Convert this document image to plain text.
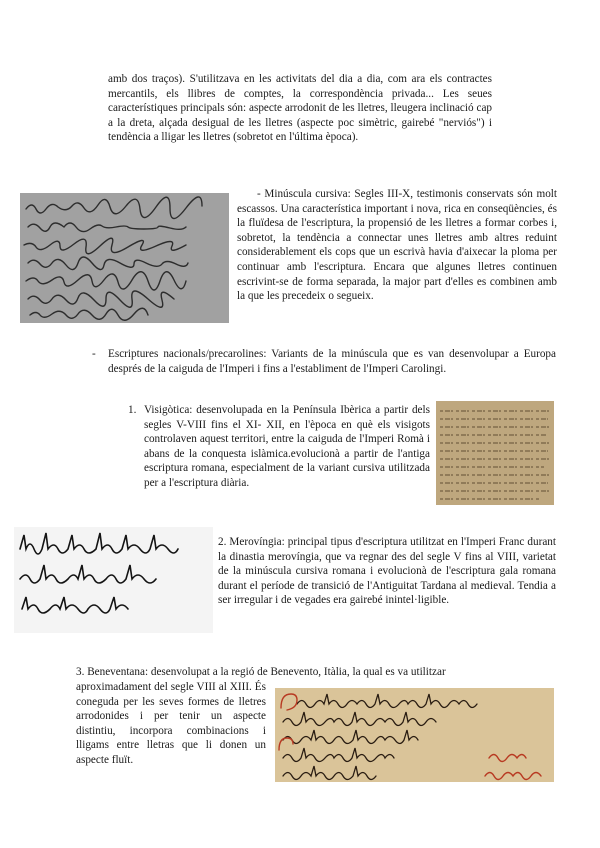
amb dos traços). S'utilitzava en les activitats del dia a dia, com ara els contractes mercantils, els llibres de comptes, la correspondència privada... Les seues característiques principals són: aspecte arrodonit de les lletres, lleugera inclinació cap a la dreta, alçada desigual de les lletres (aspecte poc simètric, gairebé "nerviós") i tendència a lligar les lletres (sobretot en l'última època).

- Minúscula cursiva: Segles III-X, testimonis conservats són molt escassos. Una característica important i nova, rica en conseqüències, és la fluïdesa de l'escriptura, la propensió de les lletres a formar corbes i, sobretot, la tendència a connectar unes lletres amb altres reduint considerablement els cops que un escrivà havia d'aixecar la ploma per continuar amb l'escriptura. Encara que algunes lletres continuen escrivint-se de forma separada, la major part d'elles es combinen amb la que les precedeix o segueix.

- Escriptures nacionals/precarolines: Variants de la minúscula que es van desenvolupar a Europa després de la caiguda de l'Imperi i fins a l'establiment de l'Imperi Carolingi.

1. Visigòtica: desenvolupada en la Península Ibèrica a partir dels segles V-VIII fins el XI- XII, en l'època en què els visigots controlaven aquest territori, entre la caiguda de l'Imperi Romà i abans de la conquesta islàmica.evolucionà a partir de l'antiga escriptura romana, especialment de la variant cursiva utilitzada per a l'escriptura diària.

2. Merovíngia: principal tipus d'escriptura utilitzat en l'Imperi Franc durant la dinastia merovíngia, que va regnar des del segle V fins al VIII, varietat de la minúscula cursiva romana i evolucionà de l'escriptura gala romana durant el període de transició de l'Antiguitat Tardana al medieval. Tendia a ser irregular i de vegades era gairebé inintel·ligible.

3. Beneventana: desenvolupat a la regió de Benevento, Itàlia, la qual es va utilitzar

aproximadament del segle VIII al XIII. És coneguda per les seves formes de lletres arrodonides i per tenir un aspecte distintiu, incorpora combinacions i lligams entre lletras que li donen un aspecte fluït.
